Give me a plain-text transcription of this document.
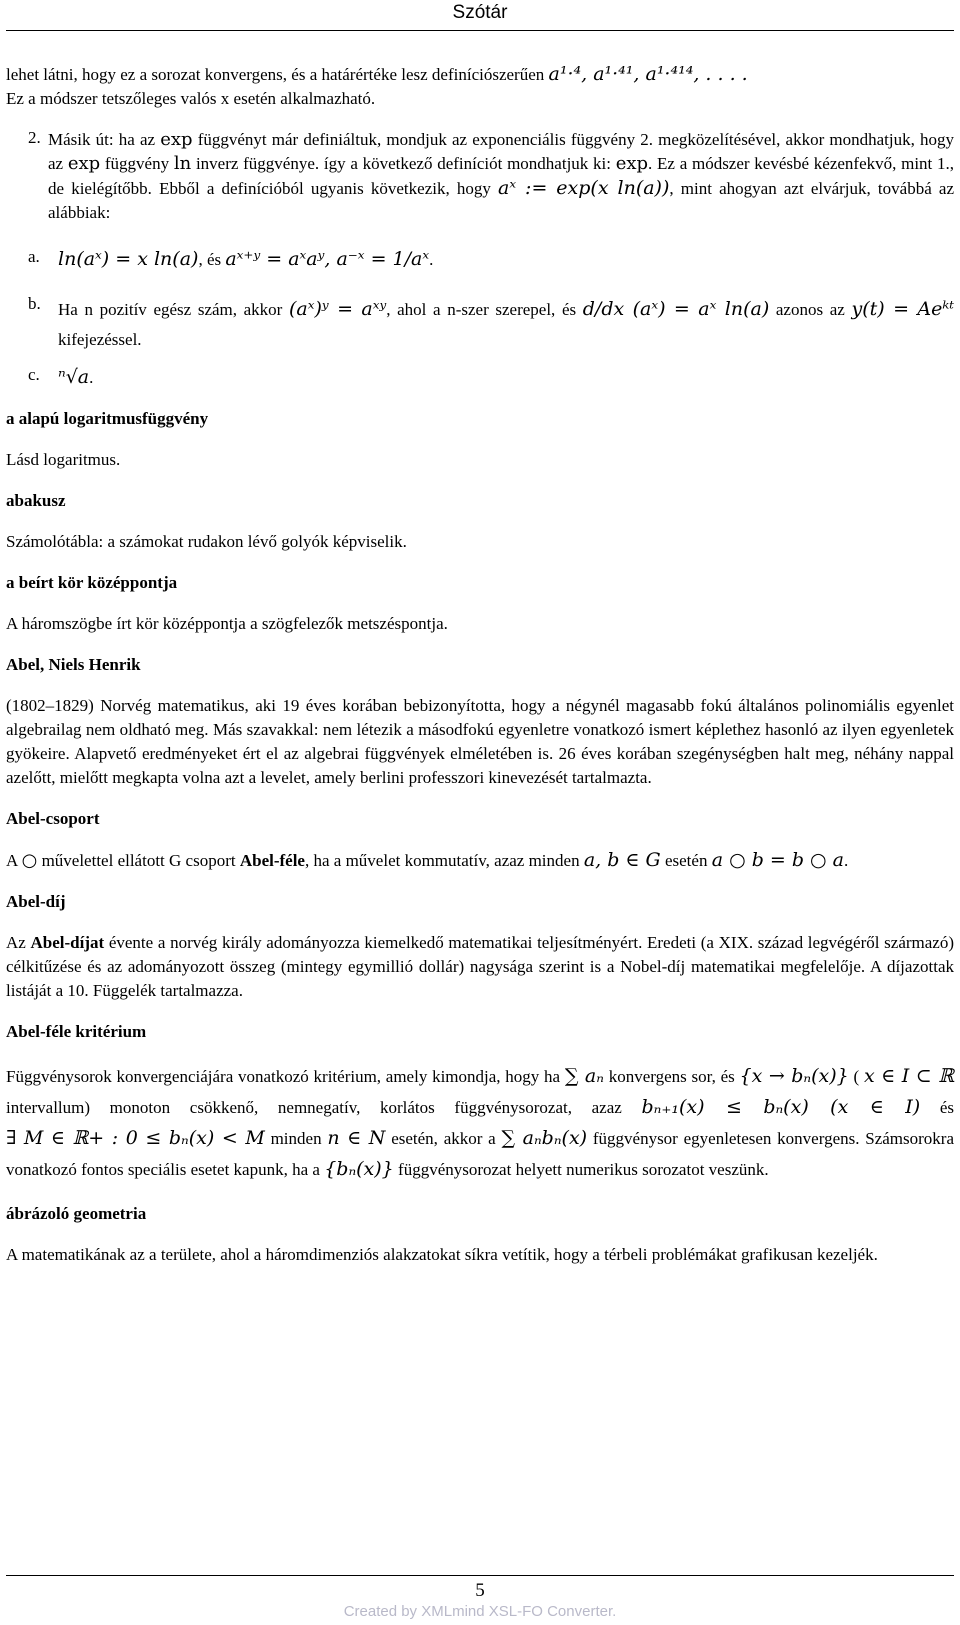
Szótár

lehet látni, hogy ez a sorozat konvergens, és a határértéke lesz definíciószerűen a¹·⁴, a¹·⁴¹, a¹·⁴¹⁴, . . . .

Ez a módszer tetszőleges valós x esetén alkalmazható.

2. Másik út: ha az exp függvényt már definiáltuk, mondjuk az exponenciális függvény 2. megközelítésével, akkor mondhatjuk, hogy az exp függvény ln inverz függvénye. így a következő definíciót mondhatjuk ki: exp. Ez a módszer kevésbé kézenfekvő, mint 1., de kielégítőbb. Ebből a definícióból ugyanis következik, hogy aˣ := exp(x ln(a)), mint ahogyan azt elvárjuk, továbbá az alábbiak:

a. ln(aˣ) = x ln(a), és aˣ⁺ʸ = aˣaʸ, a⁻ˣ = 1/aˣ.

b. Ha n pozitív egész szám, akkor (aˣ)ʸ = aˣʸ, ahol a n-szer szerepel, és d/dx (aˣ) = aˣ ln(a) azonos az y(t) = Aeᵏᵗ kifejezéssel.

c. ⁿ√a.

a alapú logaritmusfüggvény

Lásd logaritmus.

abakusz

Számolótábla: a számokat rudakon lévő golyók képviselik.

a beírt kör középpontja

A háromszögbe írt kör középpontja a szögfelezők metszéspontja.

Abel, Niels Henrik

(1802–1829) Norvég matematikus, aki 19 éves korában bebizonyította, hogy a négynél magasabb fokú általános polinomiális egyenlet algebrailag nem oldható meg. Más szavakkal: nem létezik a másodfokú egyenletre vonatkozó ismert képlethez hasonló az ilyen egyenletek gyökeire. Alapvető eredményeket ért el az algebrai függvények elméletében is. 26 éves korában szegénységben halt meg, néhány nappal azelőtt, mielőtt megkapta volna azt a levelet, amely berlini professzori kinevezését tartalmazta.

Abel-csoport

A ○ művelettel ellátott G csoport Abel-féle, ha a művelet kommutatív, azaz minden a, b ∈ G esetén a ○ b = b ○ a.

Abel-díj

Az Abel-díjat évente a norvég király adományozza kiemelkedő matematikai teljesítményért. Eredeti (a XIX. század legvégéről származó) célkitűzése és az adományozott összeg (mintegy egymillió dollár) nagysága szerint is a Nobel-díj matematikai megfelelője. A díjazottak listáját a 10. Függelék tartalmazza.

Abel-féle kritérium

Függvénysorok konvergenciájára vonatkozó kritérium, amely kimondja, hogy ha ∑ aₙ konvergens sor, és {x → bₙ(x)} ( x ∈ I ⊂ ℝ intervallum) monoton csökkenő, nemnegatív, korlátos függvénysorozat, azaz bₙ₊₁(x) ≤ bₙ(x) (x ∈ I) és ∃ M ∈ ℝ+ : 0 ≤ bₙ(x) < M minden n ∈ N esetén, akkor a ∑ aₙbₙ(x) függvénysor egyenletesen konvergens. Számsorokra vonatkozó fontos speciális esetet kapunk, ha a {bₙ(x)} függvénysorozat helyett numerikus sorozatot veszünk.

ábrázoló geometria

A matematikának az a területe, ahol a háromdimenziós alakzatokat síkra vetítik, hogy a térbeli problémákat grafikusan kezeljék.

5
Created by XMLmind XSL-FO Converter.
